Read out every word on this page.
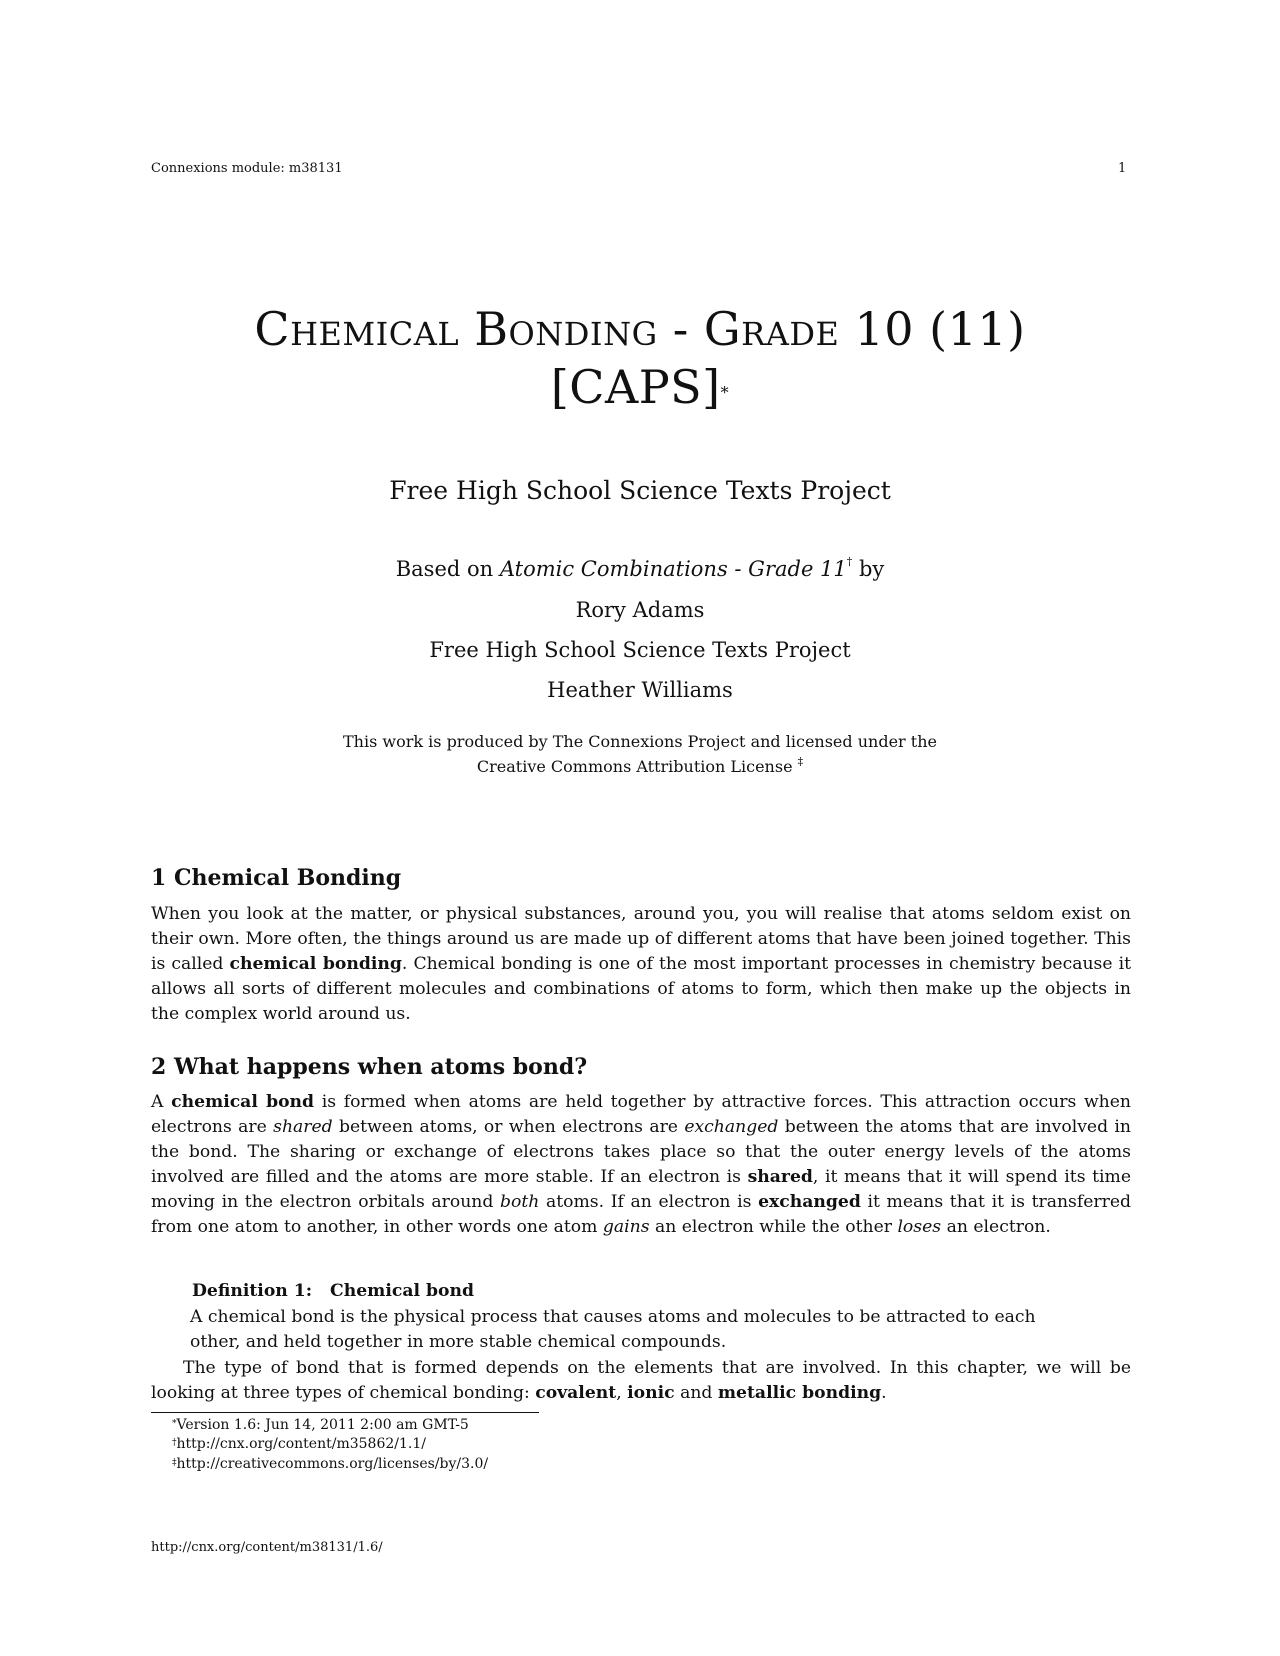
Connexions module: m38131	1
Chemical Bonding - Grade 10 (11)
[CAPS]*
Free High School Science Texts Project
Based on Atomic Combinations - Grade 11† by
Rory Adams
Free High School Science Texts Project
Heather Williams
This work is produced by The Connexions Project and licensed under the
Creative Commons Attribution License ‡
1 Chemical Bonding
When you look at the matter, or physical substances, around you, you will realise that atoms seldom exist on their own. More often, the things around us are made up of different atoms that have been joined together. This is called chemical bonding. Chemical bonding is one of the most important processes in chemistry because it allows all sorts of different molecules and combinations of atoms to form, which then make up the objects in the complex world around us.
2 What happens when atoms bond?
A chemical bond is formed when atoms are held together by attractive forces. This attraction occurs when electrons are shared between atoms, or when electrons are exchanged between the atoms that are involved in the bond. The sharing or exchange of electrons takes place so that the outer energy levels of the atoms involved are filled and the atoms are more stable. If an electron is shared, it means that it will spend its time moving in the electron orbitals around both atoms. If an electron is exchanged it means that it is transferred from one atom to another, in other words one atom gains an electron while the other loses an electron.
Definition 1:   Chemical bond
A chemical bond is the physical process that causes atoms and molecules to be attracted to each other, and held together in more stable chemical compounds.
The type of bond that is formed depends on the elements that are involved. In this chapter, we will be looking at three types of chemical bonding: covalent, ionic and metallic bonding.
*Version 1.6: Jun 14, 2011 2:00 am GMT-5
†http://cnx.org/content/m35862/1.1/
‡http://creativecommons.org/licenses/by/3.0/
http://cnx.org/content/m38131/1.6/
